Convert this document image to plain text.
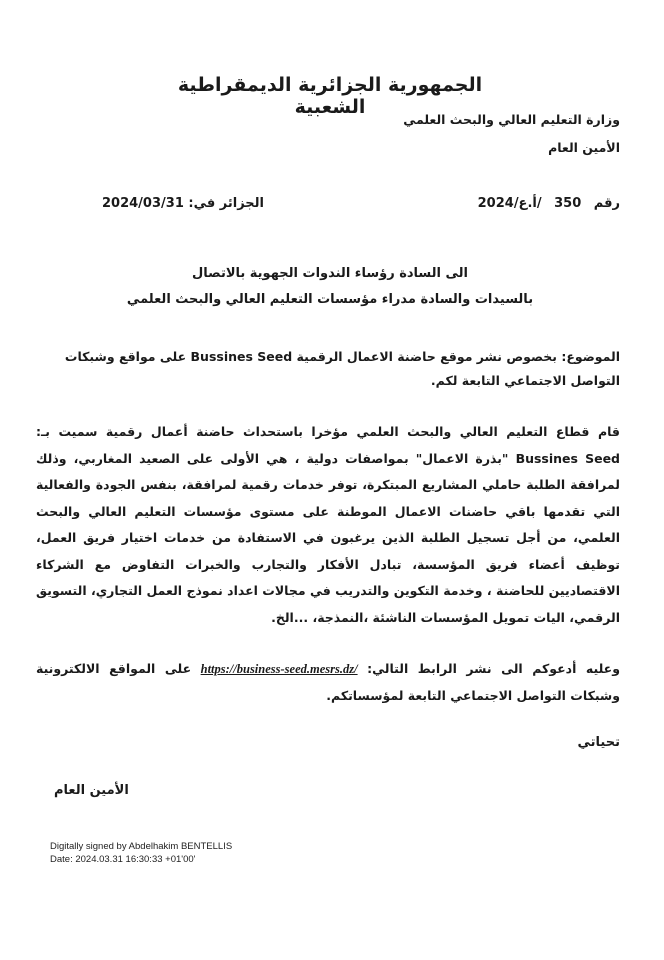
الجمهورية الجزائرية الديمقراطية الشعبية
وزارة التعليم العالي والبحث العلمي
الأمين العام
رقم 350 /أ.ع/2024
الجزائر في: 2024/03/31
الى السادة رؤساء الندوات الجهوية بالاتصال
بالسيدات والسادة مدراء مؤسسات التعليم العالي والبحث العلمي
الموضوع: بخصوص نشر موقع حاضنة الاعمال الرقمية Bussines Seed على مواقع وشبكات التواصل الاجتماعي التابعة لكم.
قام قطاع التعليم العالي والبحث العلمي مؤخرا باستحداث حاضنة أعمال رقمية سميت بـ: Bussines Seed "بذرة الاعمال" بمواصفات دولية ، هي الأولى على الصعيد المغاربي، وذلك لمرافقة الطلبة حاملي المشاريع المبتكرة، توفر خدمات رقمية لمرافقة، بنفس الجودة والفعالية التي تقدمها باقي حاضنات الاعمال الموطنة على مستوى مؤسسات التعليم العالي والبحث العلمي، من أجل تسجيل الطلبة الذين يرغبون في الاستفادة من خدمات اختيار فريق العمل، توظيف أعضاء فريق المؤسسة، تبادل الأفكار والتجارب والخبرات التفاوض مع الشركاء الاقتصاديين للحاضنة ، وخدمة التكوين والتدريب في مجالات اعداد نموذج العمل التجاري، التسويق الرقمي، اليات تمويل المؤسسات الناشئة ،النمذجة، ...الخ.
وعليه أدعوكم الى نشر الرابط التالي: https://business-seed.mesrs.dz/ على المواقع الالكترونية وشبكات التواصل الاجتماعي التابعة لمؤسساتكم.
تحياتي
الأمين العام
Digitally signed by Abdelhakim BENTELLIS
Date: 2024.03.31 16:30:33 +01'00'
